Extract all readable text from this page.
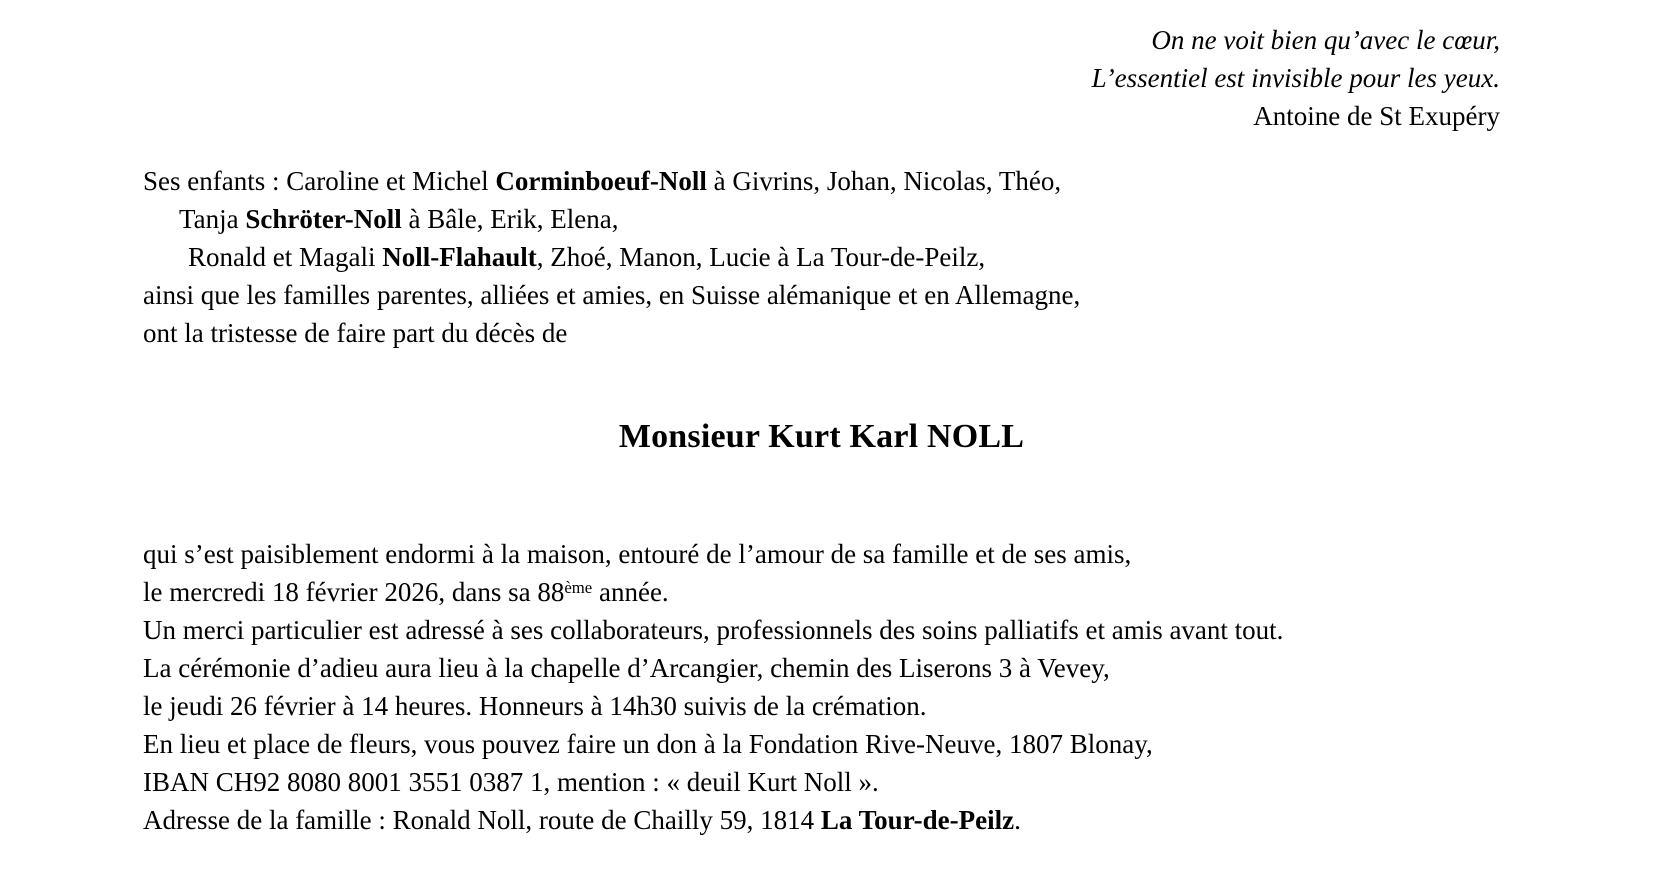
On ne voit bien qu’avec le cœur,
L’essentiel est invisible pour les yeux.
Antoine de St Exupéry
Ses enfants : Caroline et Michel Corminboeuf-Noll à Givrins, Johan, Nicolas, Théo,
Tanja Schröter-Noll à Bâle, Erik, Elena,
Ronald et Magali Noll-Flahault, Zhoé, Manon, Lucie à La Tour-de-Peilz,
ainsi que les familles parentes, alliées et amies, en Suisse alémanique et en Allemagne,
ont la tristesse de faire part du décès de
Monsieur Kurt Karl NOLL
qui s’est paisiblement endormi à la maison, entouré de l’amour de sa famille et de ses amis,
le mercredi 18 février 2026, dans sa 88ème année.
Un merci particulier est adressé à ses collaborateurs, professionnels des soins palliatifs et amis avant tout.
La cérémonie d’adieu aura lieu à la chapelle d’Arcangier, chemin des Liserons 3 à Vevey,
le jeudi 26 février à 14 heures. Honneurs à 14h30 suivis de la crémation.
En lieu et place de fleurs, vous pouvez faire un don à la Fondation Rive-Neuve, 1807 Blonay,
IBAN CH92 8080 8001 3551 0387 1, mention : « deuil Kurt Noll ».
Adresse de la famille : Ronald Noll, route de Chailly 59, 1814 La Tour-de-Peilz.
